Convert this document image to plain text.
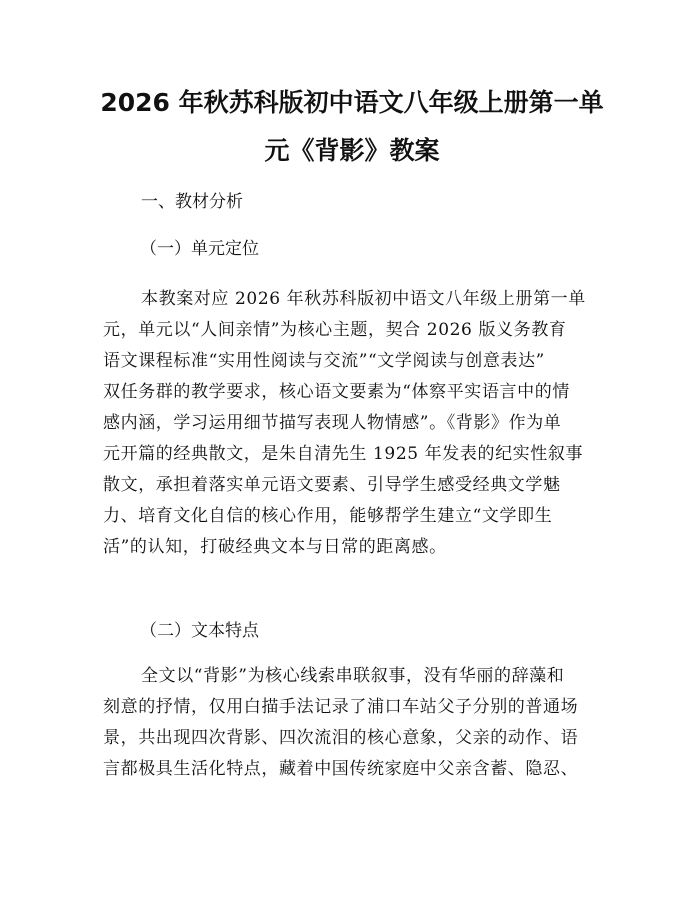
2026 年秋苏科版初中语文八年级上册第一单
元《背影》教案

一、教材分析

（一）单元定位

本教案对应 2026 年秋苏科版初中语文八年级上册第一单
元，单元以“人间亲情”为核心主题，契合 2026 版义务教育
语文课程标准“实用性阅读与交流”“文学阅读与创意表达”
双任务群的教学要求，核心语文要素为“体察平实语言中的情
感内涵，学习运用细节描写表现人物情感”。《背影》作为单
元开篇的经典散文，是朱自清先生 1925 年发表的纪实性叙事
散文，承担着落实单元语文要素、引导学生感受经典文学魅
力、培育文化自信的核心作用，能够帮学生建立“文学即生
活”的认知，打破经典文本与日常的距离感。

（二）文本特点

全文以“背影”为核心线索串联叙事，没有华丽的辞藻和
刻意的抒情，仅用白描手法记录了浦口车站父子分别的普通场
景，共出现四次背影、四次流泪的核心意象，父亲的动作、语
言都极具生活化特点，藏着中国传统家庭中父亲含蓄、隐忍、
